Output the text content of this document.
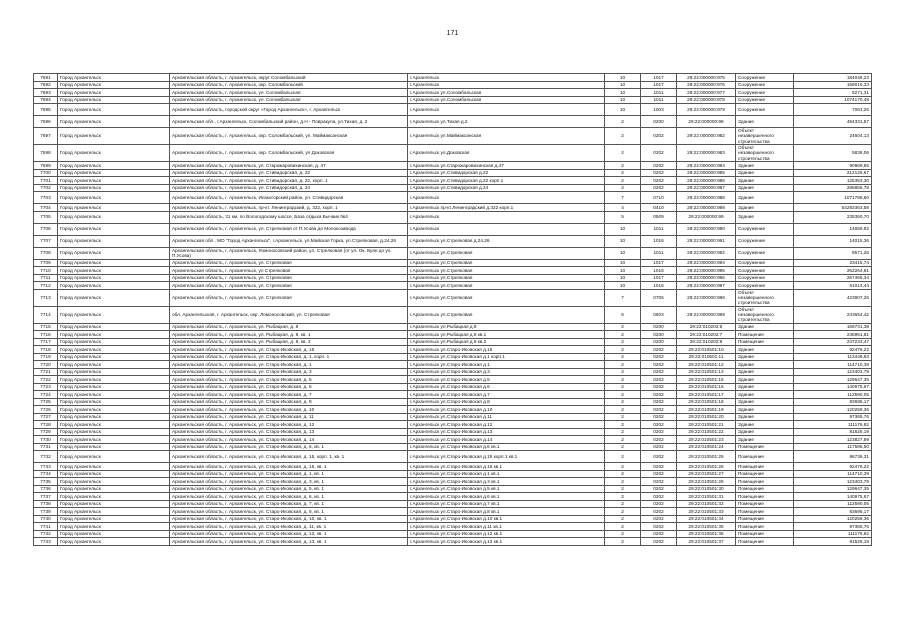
171
7691	Город Архангельск	Архангельская область, г. Архангельск, округ Соломбальский	г.Архангельск	10	1017	29:22:000000:975	Сооружение	184049,23
7692	Город Архангельск	Архангельская область, г. Архангельск, окр. Соломбальский	г.Архангельск	10	1017	29:22:000000:976	Сооружение	159016,33
7693	Город Архангельск	Архангельская область, г. Архангельск, ул. Соломбальская	г.Архангельск ул.Соломбальская	10	1011	29:22:000000:977	Сооружение	5271,31
7694	Город Архангельск	Архангельская область, г. Архангельск, ул. Соломбальская	г.Архангельск ул.Соломбальская	10	1011	29:22:000000:978	Сооружение	1074170,48
7695	Город Архангельск	Архангельская область, городской округ «Город Архангельск», г. Архангельск	г.Архангельск	10	1003	29:22:000000:979	Сооружение	7063,26
7696	Город Архангельск	Архангельская обл., г.Архангельск, Соломбальский район, д.Н - Повракула, ул.Тихая, д. 2	г.Архангельск ул.Тихая д.2	2	0200	29:22:000000:98	Здание	494331,57
7697	Город Архангельск	Архангельская область, г. Архангельск, окр. Соломбальский, ул. Маймаксанская	г.Архангельск ул.Маймаксанская	2	0202	29:22:000000:982	Объект незавершенного строительства	24604,13
7698	Город Архангельск	Архангельская область, г. Архангельск, окр. Соломбальский, ул Доковская	г.Архангельск ул.Доковская	2	0202	29:22:000000:983	Объект незавершенного строительства	5836,06
7699	Город Архангельск	Архангельская область, г. Архангельск, ул. Старожаровихинская, д. 47	г.Архангельск ул.Старожаровихинская д.47	2	0202	29:22:000000:984	Здание	90969,85
7700	Город Архангельск	Архангельская область, г. Архангельск, ул. Стивидорская, д. 22	г.Архангельск ул.Стивидорская д.22	2	0202	29:22:000000:985	Здание	212126,67
7701	Город Архангельск	Архангельская область, г. Архангельск, ул. Стивидорская, д. 22, корп. 1	г.Архангельск ул.Стивидорская д.22 корп.1	2	0202	29:22:000000:986	Здание	125353,30
7702	Город Архангельск	Архангельская область, г. Архангельск, ул. Стивидорская, д. 24	г.Архангельск ул.Стивидорская д.24	2	0202	29:22:000000:987	Здание	286856,78
7703	Город Архангельск	Архангельская область, г. Архангельск, Исакогорский район, ул. Стивидорская	г.Архангельск	7	0710	29:22:000000:988	Здание	1071786,60
7704	Город Архангельск	Архангельская область, г. Архангельск, пр-кт. Ленинградский, д. 322, корп. 1	г.Архангельск пр-кт.Ленинградский д.322 корп.1	4	0410	29:22:000000:989	Здание	54283363,58
7705	Город Архангельск	Архангельская область, 31 км. по Вологодскому шоссе, База отдыха Бычаик №4	г.Архангельск	5	0509	29:22:000000:99	Здание	235360,70
7706	Город Архангельск	Архангельская область, г. Архангельск, ул. Стрелковая от П.Усова до Молокозавода	г.Архангельск	10	1011	29:22:000000:990	Сооружение	14659,92
7707	Город Архангельск	Архангельская обл., МО "Город Архангельск", г.Архангельск, ул.Майская Горка, ул.Стрелковая, д.24,26	г.Архангельск ул.Стрелковая д.24,26	10	1016	29:22:000000:991	Сооружение	14015,36
7708	Город Архангельск	Архангельская область, г. Архангельск, Ломоносовский район, ул. Стрелковая (от ул. Ок. Буян до ул. П.Усова)	г.Архангельск ул.Стрелковая	10	1011	29:22:000000:992	Сооружение	8571,26
7709	Город Архангельск	Архангельская область, г. Архангельск, ул. Стрелковая	г.Архангельск ул.Стрелковая	10	1017	29:22:000000:994	Сооружение	23415,74
7710	Город Архангельск	Архангельская область, г. Архангельск, ул Стрелковая	г.Архангельск ул.Стрелковая	10	1015	29:22:000000:995	Сооружение	262264,61
7711	Город Архангельск	Архангельская область, г. Архангельск, ул. Стрелковая	г.Архангельск ул.Стрелковая	10	1017	29:22:000000:996	Сооружение	267465,34
7712	Город Архангельск	Архангельская область, г. Архангельск, ул. Стрелковая	г.Архангельск ул.Стрелковая	10	1016	29:22:000000:997	Сооружение	51013,44
7713	Город Архангельск	Архангельская область, г. Архангельск, ул. Стрелковая	г.Архангельск ул.Стрелковая	7	0706	29:22:000000:998	Объект незавершенного строительства	423907,26
7714	Город Архангельск	обл. Архангельская, г. Архангельск, окр. Ломоносовский, ул. Стрелковая	г.Архангельск ул.Стрелковая	6	0603	29:22:000000:999	Объект незавершенного строительства	233654,42
7715	Город Архангельск	Архангельская область, г. Архангельск, ул. Рыбацкая, д. 8	г.Архангельск ул.Рыбацкая д.8	2	0200	29:22:010202:5	Здание	159731,38
7716	Город Архангельск	Архангельская область, г. Архангельск, ул. Рыбацкая, д. 8, кв. 1	г.Архангельск ул.Рыбацкая д.8 кв.1	2	0200	29:22:010202:7	Помещение	236961,81
7717	Город Архангельск	Архангельская область, г. Архангельск, ул. Рыбацкая, д. 8, кв. 2	г.Архангельск ул.Рыбацкая д.8 кв.2	2	0200	29:22:010202:8	Помещение	247233,47
7718	Город Архангельск	Архангельская область, г. Архангельск, ул. Старо-Иковская, д. 15	г.Архангельск ул.Старо-Иковская д.15	2	0202	29:22:010501:10	Здание	92476,22
7719	Город Архангельск	Архангельская область, г. Архангельск, ул. Старо-Иковская, д. 1, корп. 1	г.Архангельск ул.Старо-Иковская д.1 корп.1	2	0202	29:22:010501:11	Здание	113448,83
7720	Город Архангельск	Архангельская область, г. Архангельск, ул. Старо-Иковская, д. 1	г.Архангельск ул.Старо-Иковская д.1	2	0202	29:22:010501:12	Здание	114710,39
7721	Город Архангельск	Архангельская область, г. Архангельск, ул. Старо-Иковская, д. 3	г.Архангельск ул.Старо-Иковская д.3	2	0202	29:22:010501:13	Здание	123403,79
7722	Город Архангельск	Архангельская область, г. Архангельск, ул. Старо-Иковская, д. 5	г.Архангельск ул.Старо-Иковская д.5	2	0202	29:22:010501:15	Здание	129647,35
7723	Город Архангельск	Архангельская область, г. Архангельск, ул. Старо-Иковская, д. 6	г.Архангельск ул.Старо-Иковская д.6	2	0202	29:22:010501:16	Здание	140975,67
7724	Город Архангельск	Архангельская область, г. Архангельск, ул. Старо-Иковская, д. 7	г.Архангельск ул.Старо-Иковская д.7	2	0202	29:22:010501:17	Здание	112590,05
7725	Город Архангельск	Архангельская область, г. Архангельск, ул. Старо-Иковская, д. 8	г.Архангельск ул.Старо-Иковская д.8	2	0202	29:22:010501:18	Здание	83695,17
7726	Город Архангельск	Архангельская область, г. Архангельск, ул. Старо-Иковская, д. 10	г.Архангельск ул.Старо-Иковская д.10	2	0202	29:22:010501:19	Здание	120259,36
7727	Город Архангельск	Архангельская область, г. Архангельск, ул. Старо-Иковская, д. 11	г.Архангельск ул.Старо-Иковская д.11	2	0202	29:22:010501:20	Здание	97365,76
7728	Город Архангельск	Архангельская область, г. Архангельск, ул. Старо-Иковская, д. 12	г.Архангельск ул.Старо-Иковская д.12	2	0202	29:22:010501:21	Здание	111176,82
7729	Город Архангельск	Архангельская область, г. Архангельск, ул. Старо-Иковская, д. 13	г.Архангельск ул.Старо-Иковская д.13	2	0202	29:22:010501:22	Здание	81525,19
7730	Город Архангельск	Архангельская область, г. Архангельск, ул. Старо-Иковская, д. 14	г.Архангельск ул.Старо-Иковская д.14	2	0202	29:22:010501:23	Здание	123827,89
7731	Город Архангельск	Архангельская область, г. Архангельск, ул. Старо-Иковская, д. 6, кв. 1	г.Архангельск ул.Старо-Иковская д.6 кв.1	2	0202	29:22:010501:24	Помещение	117586,50
7732	Город Архангельск	Архангельская область, г. Архангельск, ул. Старо-Иковская, д. 15, корп. 1, кв. 1	г.Архангельск ул.Старо-Иковская д.15 корп.1 кв.1	2	0202	29:22:010501:25	Помещение	86736,31
7733	Город Архангельск	Архангельская область, г. Архангельск, ул. Старо-Иковская, д. 15, кв. 1	г.Архангельск ул.Старо-Иковская д.15 кв.1	2	0202	29:22:010501:26	Помещение	92476,22
7734	Город Архангельск	Архангельская область, г. Архангельск, ул. Старо-Иковская, д. 1, кв. 1	г.Архангельск ул.Старо-Иковская д.1 кв.1	2	0202	29:22:010501:27	Помещение	114710,39
7735	Город Архангельск	Архангельская область, г. Архангельск, ул. Старо-Иковская, д. 3, кв. 1	г.Архангельск ул.Старо-Иковская д.3 кв.1	2	0202	29:22:010501:28	Помещение	123403,79
7736	Город Архангельск	Архангельская область, г. Архангельск, ул. Старо-Иковская, д. 5, кв. 1	г.Архангельск ул.Старо-Иковская д.5 кв.1	2	0202	29:22:010501:30	Помещение	129647,35
7737	Город Архангельск	Архангельская область, г. Архангельск, ул. Старо-Иковская, д. 6, кв. 1	г.Архангельск ул.Старо-Иковская д.6 кв.1	2	0202	29:22:010501:31	Помещение	140975,67
7738	Город Архангельск	Архангельская область, г. Архангельск, ул. Старо-Иковская, д. 7, кв. 1	г.Архангельск ул.Старо-Иковская д.7 кв.1	2	0202	29:22:010501:32	Помещение	112590,05
7739	Город Архангельск	Архангельская область, г. Архангельск, ул. Старо-Иковская, д. 8, кв. 1	г.Архангельск ул.Старо-Иковская д.8 кв.1	2	0202	29:22:010501:33	Помещение	83695,17
7740	Город Архангельск	Архангельская область, г. Архангельск, ул. Старо-Иковская, д. 10, кв. 1	г.Архангельск ул.Старо-Иковская д.10 кв.1	2	0202	29:22:010501:34	Помещение	120259,36
7741	Город Архангельск	Архангельская область, г. Архангельск, ул. Старо-Иковская, д. 11, кв. 1	г.Архангельск ул.Старо-Иковская д.11 кв.1	2	0202	29:22:010501:35	Помещение	97365,76
7742	Город Архангельск	Архангельская область, г. Архангельск, ул. Старо-Иковская, д. 12, кв. 1	г.Архангельск ул.Старо-Иковская д.12 кв.1	2	0202	29:22:010501:36	Помещение	111176,82
7743	Город Архангельск	Архангельская область, г. Архангельск, ул. Старо-Иковская, д. 13, кв. 1	г.Архангельск ул.Старо-Иковская д.13 кв.1	2	0202	29:22:010501:37	Помещение	81525,19
